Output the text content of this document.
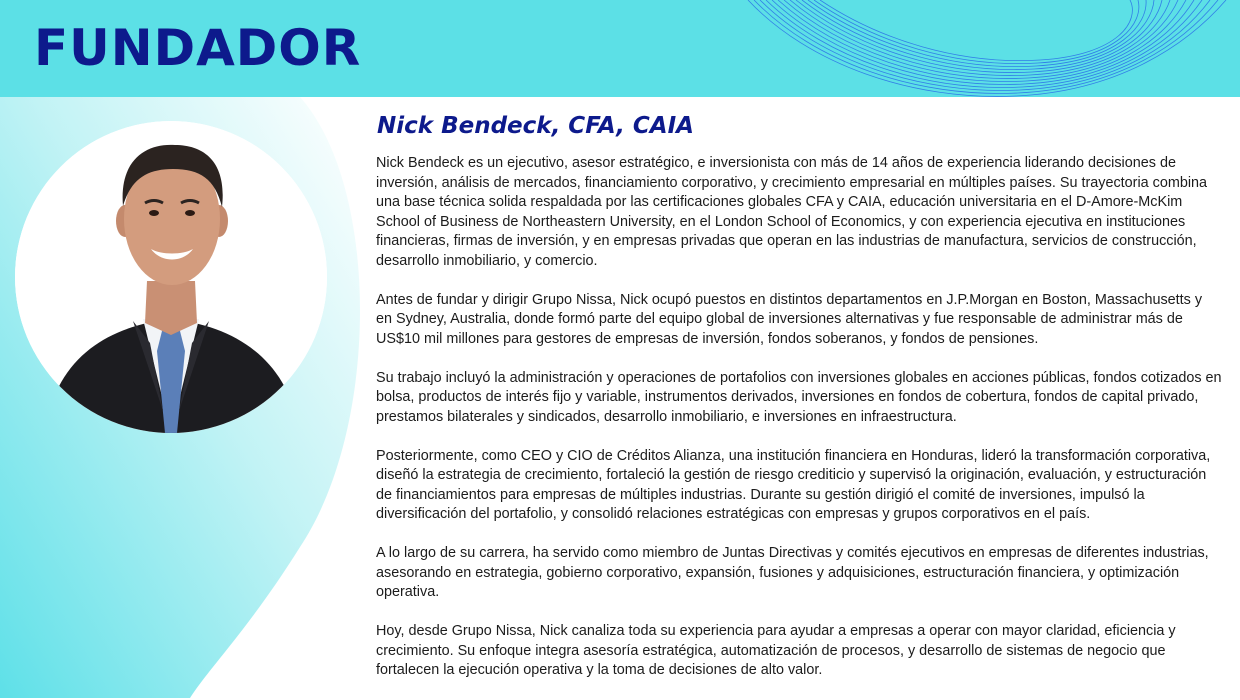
FUNDADOR
Nick Bendeck, CFA, CAIA

Nick Bendeck es un ejecutivo, asesor estratégico, e inversionista con más de 14 años de experiencia liderando decisiones de inversión, análisis de mercados, financiamiento corporativo, y crecimiento empresarial en múltiples países. Su trayectoria combina una base técnica solida respaldada por las certificaciones globales CFA y CAIA, educación universitaria en el D-Amore-McKim School of Business de Northeastern University, en el London School of Economics, y con experiencia ejecutiva en instituciones financieras, firmas de inversión, y en empresas privadas que operan en las industrias de manufactura, servicios de construcción, desarrollo inmobiliario, y comercio.

Antes de fundar y dirigir Grupo Nissa, Nick ocupó puestos en distintos departamentos en J.P.Morgan en Boston, Massachusetts y en Sydney, Australia, donde formó parte del equipo global de inversiones alternativas y fue responsable de administrar más de US$10 mil millones para gestores de empresas de inversión, fondos soberanos, y fondos de pensiones.

Su trabajo incluyó la administración y operaciones de portafolios con inversiones globales en acciones públicas, fondos cotizados en bolsa, productos de interés fijo y variable, instrumentos derivados, inversiones en fondos de cobertura, fondos de capital privado, prestamos bilaterales y sindicados, desarrollo inmobiliario, e inversiones en infraestructura.

Posteriormente, como CEO y CIO de Créditos Alianza, una institución financiera en Honduras, lideró la transformación corporativa, diseñó la estrategia de crecimiento, fortaleció la gestión de riesgo crediticio y supervisó la originación, evaluación, y estructuración de financiamientos para empresas de múltiples industrias. Durante su gestión dirigió el comité de inversiones, impulsó la diversificación del portafolio, y consolidó relaciones estratégicas con empresas y grupos corporativos en el país.

A lo largo de su carrera, ha servido como miembro de Juntas Directivas y comités ejecutivos en empresas de diferentes industrias, asesorando en estrategia, gobierno corporativo, expansión, fusiones y adquisiciones, estructuración financiera, y optimización operativa.

Hoy, desde Grupo Nissa, Nick canaliza toda su experiencia para ayudar a empresas a operar con mayor claridad, eficiencia y crecimiento. Su enfoque integra asesoría estratégica, automatización de procesos, y desarrollo de sistemas de negocio que fortalecen la ejecución operativa y la toma de decisiones de alto valor.
